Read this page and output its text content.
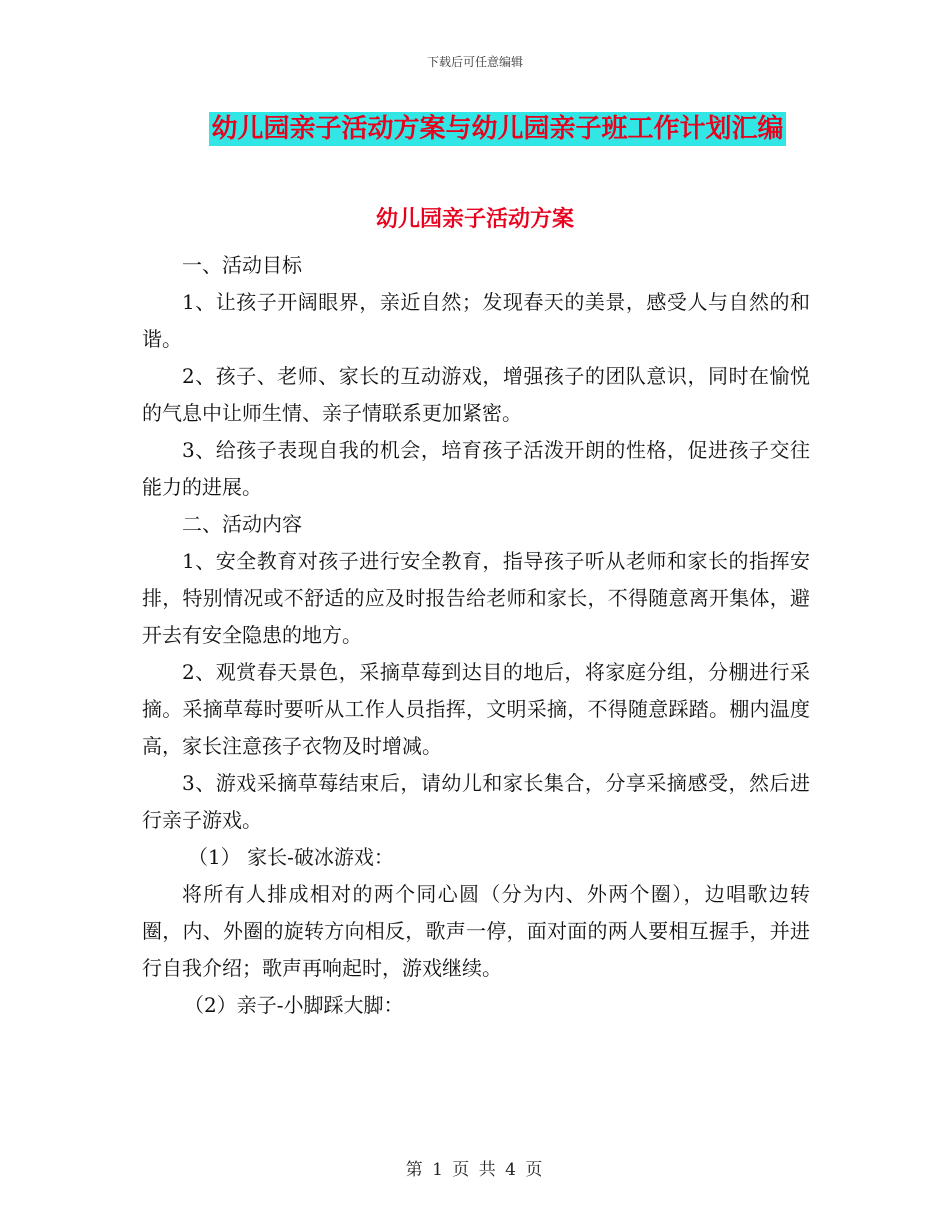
下载后可任意编辑
幼儿园亲子活动方案与幼儿园亲子班工作计划汇编
幼儿园亲子活动方案

一、活动目标

1、让孩子开阔眼界，亲近自然；发现春天的美景，感受人与自然的和谐。

2、孩子、老师、家长的互动游戏，增强孩子的团队意识，同时在愉悦的气息中让师生情、亲子情联系更加紧密。

3、给孩子表现自我的机会，培育孩子活泼开朗的性格，促进孩子交往能力的进展。

二、活动内容

1、安全教育对孩子进行安全教育，指导孩子听从老师和家长的指挥安排，特别情况或不舒适的应及时报告给老师和家长，不得随意离开集体，避开去有安全隐患的地方。

2、观赏春天景色，采摘草莓到达目的地后，将家庭分组，分棚进行采摘。采摘草莓时要听从工作人员指挥，文明采摘，不得随意踩踏。棚内温度高，家长注意孩子衣物及时增减。

3、游戏采摘草莓结束后，请幼儿和家长集合，分享采摘感受，然后进行亲子游戏。

（1） 家长-破冰游戏：

将所有人排成相对的两个同心圆（分为内、外两个圈），边唱歌边转圈，内、外圈的旋转方向相反，歌声一停，面对面的两人要相互握手，并进行自我介绍；歌声再响起时，游戏继续。

（2）亲子-小脚踩大脚：

第 1 页 共 4 页
